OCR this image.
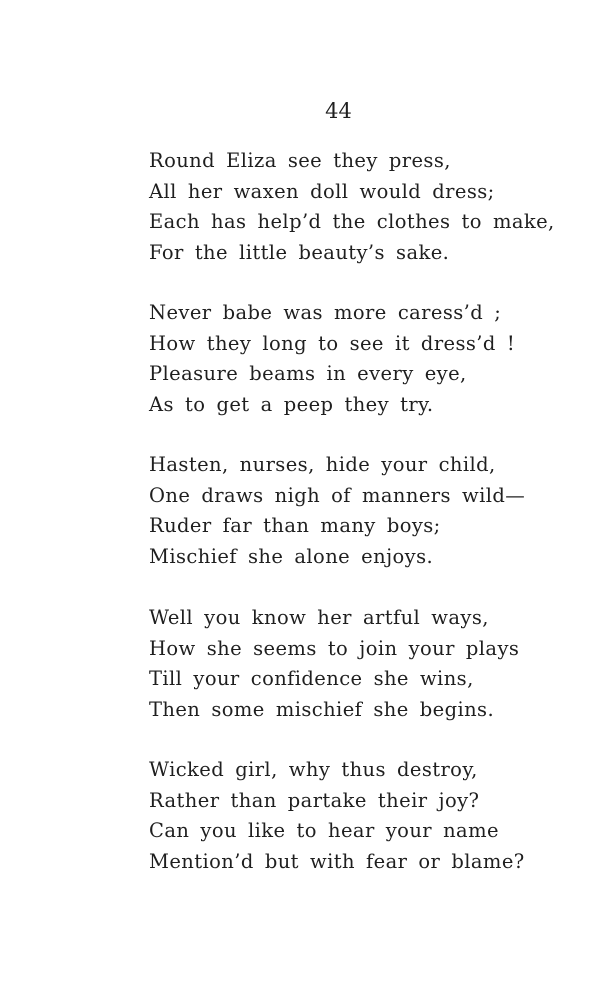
44
Round Eliza see they press,
All her waxen doll would dress;
Each has help’d the clothes to make,
For the little beauty’s sake.
Never babe was more caress’d ;
How they long to see it dress’d !
Pleasure beams in every eye,
As to get a peep they try.
Hasten, nurses, hide your child,
One draws nigh of manners wild—
Ruder far than many boys;
Mischief she alone enjoys.
Well you know her artful ways,
How she seems to join your plays
Till your confidence she wins,
Then some mischief she begins.
Wicked girl, why thus destroy,
Rather than partake their joy?
Can you like to hear your name
Mention’d but with fear or blame?
